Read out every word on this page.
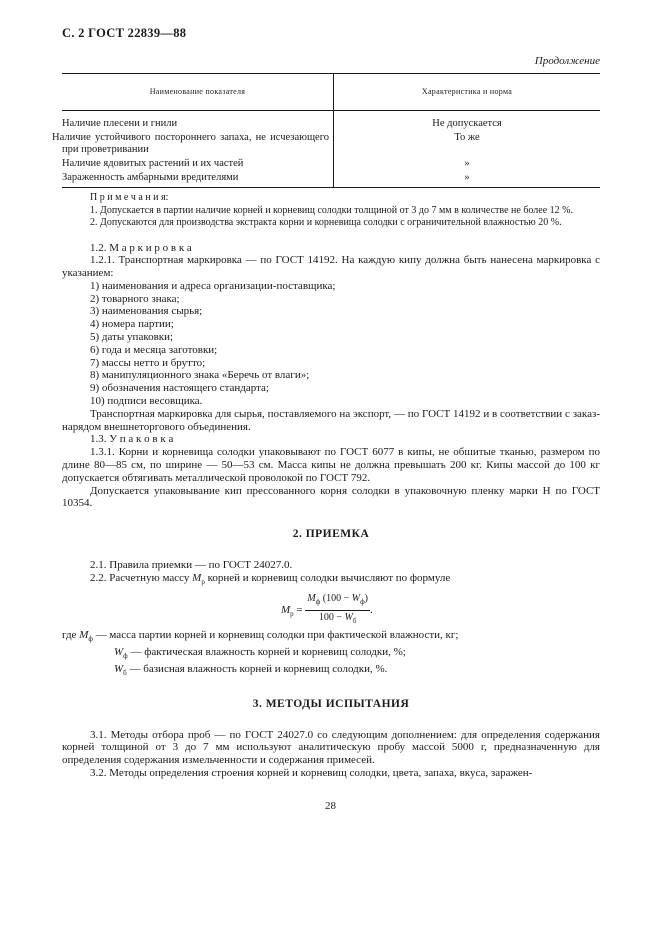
С. 2 ГОСТ 22839—88
Продолжение
Наименование показателя	Характеристика и норма

Наличие плесени и гнили	Не допускается
Наличие устойчивого постороннего запаха, не исчезающего при проветривании	То же
Наличие ядовитых растений и их частей	»
Зараженность амбарными вредителями	»

П р и м е ч а н и я:

1. Допускается в партии наличие корней и корневищ солодки толщиной от 3 до 7 мм в количестве не более 12 %.

2. Допускаются для производства экстракта корни и корневища солодки с ограничительной влажностью 20 %.

1.2. М а р к и р о в к а

1.2.1. Транспортная маркировка — по ГОСТ 14192. На каждую кипу должна быть нанесена маркировка с указанием:

1) наименования и адреса организации-поставщика;

2) товарного знака;

3) наименования сырья;

4) номера партии;

5) даты упаковки;

6) года и месяца заготовки;

7) массы нетто и брутто;

8) манипуляционного знака «Беречь от влаги»;

9) обозначения настоящего стандарта;

10) подписи весовщика.

Транспортная маркировка для сырья, поставляемого на экспорт, — по ГОСТ 14192 и в соответствии с заказ-нарядом внешнеторгового объединения.

1.3. У п а к о в к а

1.3.1. Корни и корневища солодки упаковывают по ГОСТ 6077 в кипы, не обшитые тканью, размером по длине 80—85 см, по ширине — 50—53 см. Масса кипы не должна превышать 200 кг. Кипы массой до 100 кг допускается обтягивать металлической проволокой по ГОСТ 792.

Допускается упаковывание кип прессованного корня солодки в упаковочную пленку марки Н по ГОСТ 10354.

2. ПРИЕМКА

2.1. Правила приемки — по ГОСТ 24027.0.

2.2. Расчетную массу $М_р$ корней и корневищ солодки вычисляют по формуле

$М_р = \frac{М_ф (100 - W_ф)}{100 - W_б}$ .

где $М_ф$ — масса партии корней и корневищ солодки при фактической влажности, кг;

$W_ф$ — фактическая влажность корней и корневищ солодки, %;

$W_б$ — базисная влажность корней и корневищ солодки, %.

3. МЕТОДЫ ИСПЫТАНИЯ

3.1. Методы отбора проб — по ГОСТ 24027.0 со следующим дополнением: для определения содержания корней толщиной от 3 до 7 мм используют аналитическую пробу массой 5000 г, предназначенную для определения содержания измельченности и содержания примесей.

3.2. Методы определения строения корней и корневищ солодки, цвета, запаха, вкуса, заражен-

28
